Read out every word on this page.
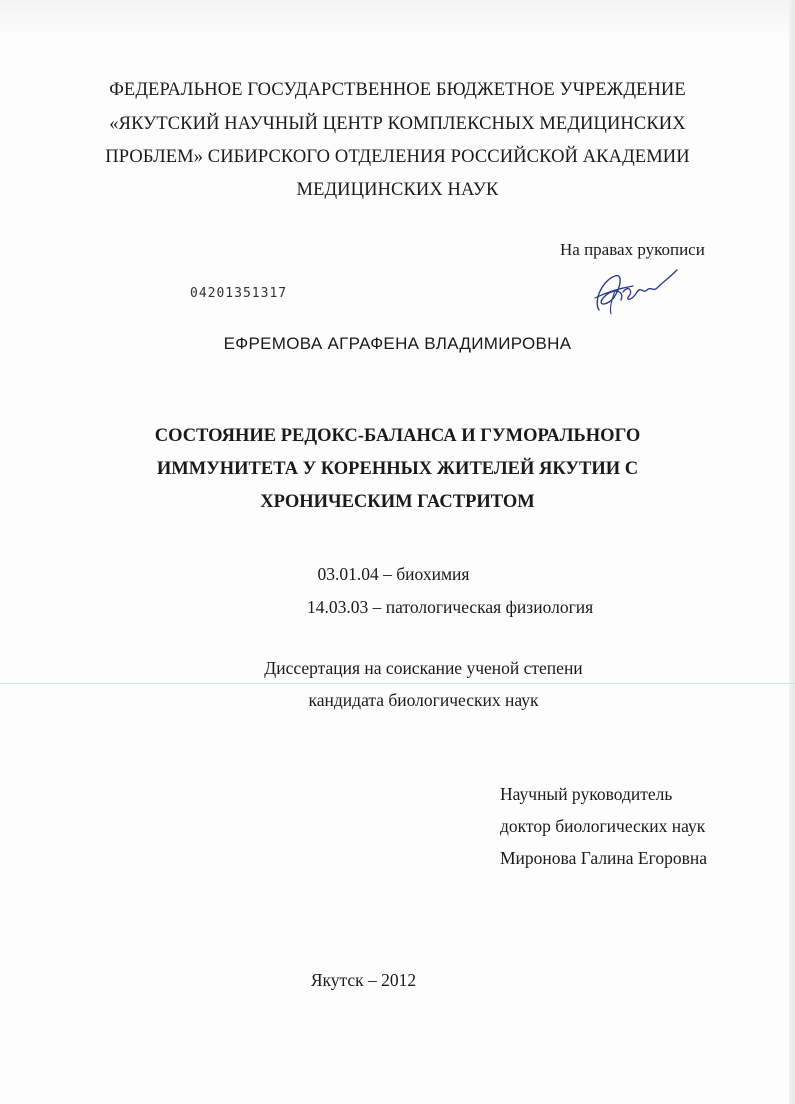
ФЕДЕРАЛЬНОЕ ГОСУДАРСТВЕННОЕ БЮДЖЕТНОЕ УЧРЕЖДЕНИЕ
«ЯКУТСКИЙ НАУЧНЫЙ ЦЕНТР КОМПЛЕКСНЫХ МЕДИЦИНСКИХ
ПРОБЛЕМ» СИБИРСКОГО ОТДЕЛЕНИЯ РОССИЙСКОЙ АКАДЕМИИ
МЕДИЦИНСКИХ НАУК
На правах рукописи
04201351317
ЕФРЕМОВА АГРАФЕНА ВЛАДИМИРОВНА
СОСТОЯНИЕ РЕДОКС-БАЛАНСА И ГУМОРАЛЬНОГО
ИММУНИТЕТА У КОРЕННЫХ ЖИТЕЛЕЙ ЯКУТИИ С
ХРОНИЧЕСКИМ ГАСТРИТОМ
03.01.04 – биохимия
14.03.03 – патологическая физиология
Диссертация на соискание ученой степени
кандидата биологических наук
Научный руководитель
доктор биологических наук
Миронова Галина Егоровна
Якутск – 2012
